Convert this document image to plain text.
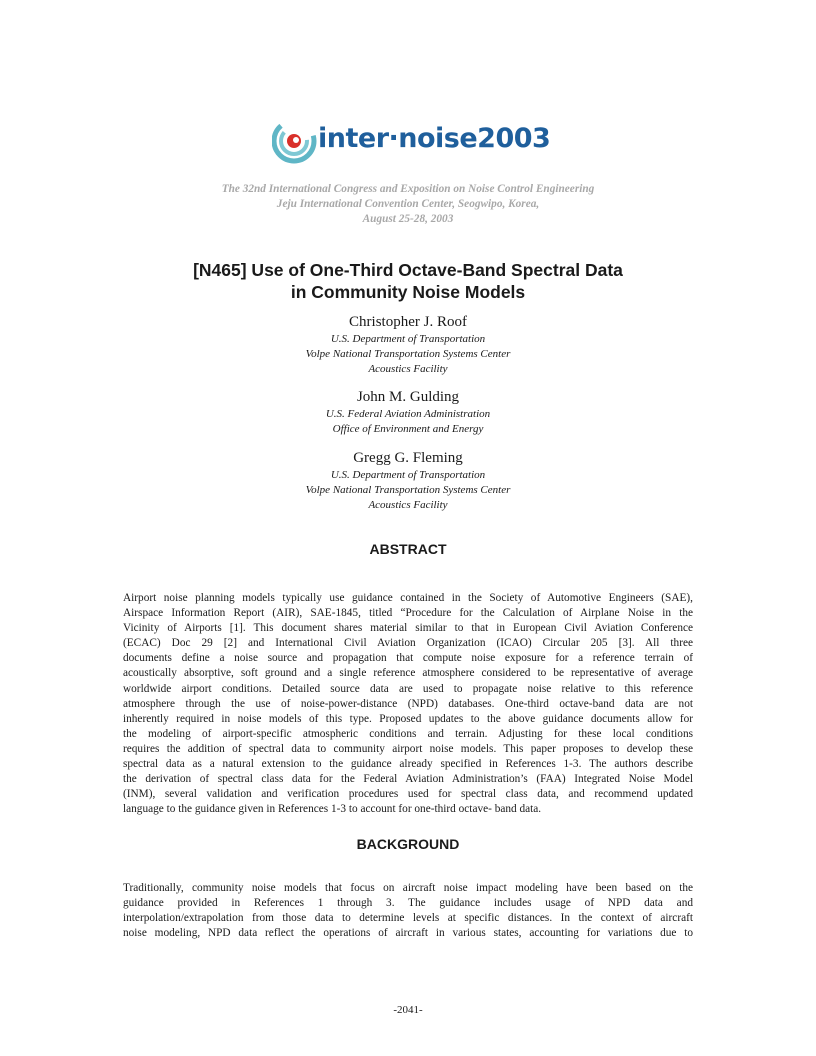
inter·noise2003
The 32nd International Congress and Exposition on Noise Control Engineering
Jeju International Convention Center, Seogwipo, Korea,
August 25-28, 2003
[N465] Use of One-Third Octave-Band Spectral Data
in Community Noise Models
Christopher J. Roof
U.S. Department of Transportation
Volpe National Transportation Systems Center
Acoustics Facility
John M. Gulding
U.S. Federal Aviation Administration
Office of Environment and Energy
Gregg G. Fleming
U.S. Department of Transportation
Volpe National Transportation Systems Center
Acoustics Facility
ABSTRACT
Airport noise planning models typically use guidance contained in the Society of Automotive Engineers (SAE),
Airspace Information Report (AIR), SAE-1845, titled “Procedure for the Calculation of Airplane Noise in the
Vicinity of Airports [1]. This document shares material similar to that in European Civil Aviation Conference
(ECAC) Doc 29 [2] and International Civil Aviation Organization (ICAO) Circular 205 [3]. All three
documents define a noise source and propagation that compute noise exposure for a reference terrain of
acoustically absorptive, soft ground and a single reference atmosphere considered to be representative of average
worldwide airport conditions. Detailed source data are used to propagate noise relative to this reference
atmosphere through the use of noise-power-distance (NPD) databases. One-third octave-band data are not
inherently required in noise models of this type. Proposed updates to the above guidance documents allow for
the modeling of airport-specific atmospheric conditions and terrain. Adjusting for these local conditions
requires the addition of spectral data to community airport noise models. This paper proposes to develop these
spectral data as a natural extension to the guidance already specified in References 1-3. The authors describe
the derivation of spectral class data for the Federal Aviation Administration’s (FAA) Integrated Noise Model
(INM), several validation and verification procedures used for spectral class data, and recommend updated
language to the guidance given in References 1-3 to account for one-third octave- band data.
BACKGROUND
Traditionally, community noise models that focus on aircraft noise impact modeling have been based on the
guidance provided in References 1 through 3. The guidance includes usage of NPD data and
interpolation/extrapolation from those data to determine levels at specific distances. In the context of aircraft
noise modeling, NPD data reflect the operations of aircraft in various states, accounting for variations due to
-2041-
